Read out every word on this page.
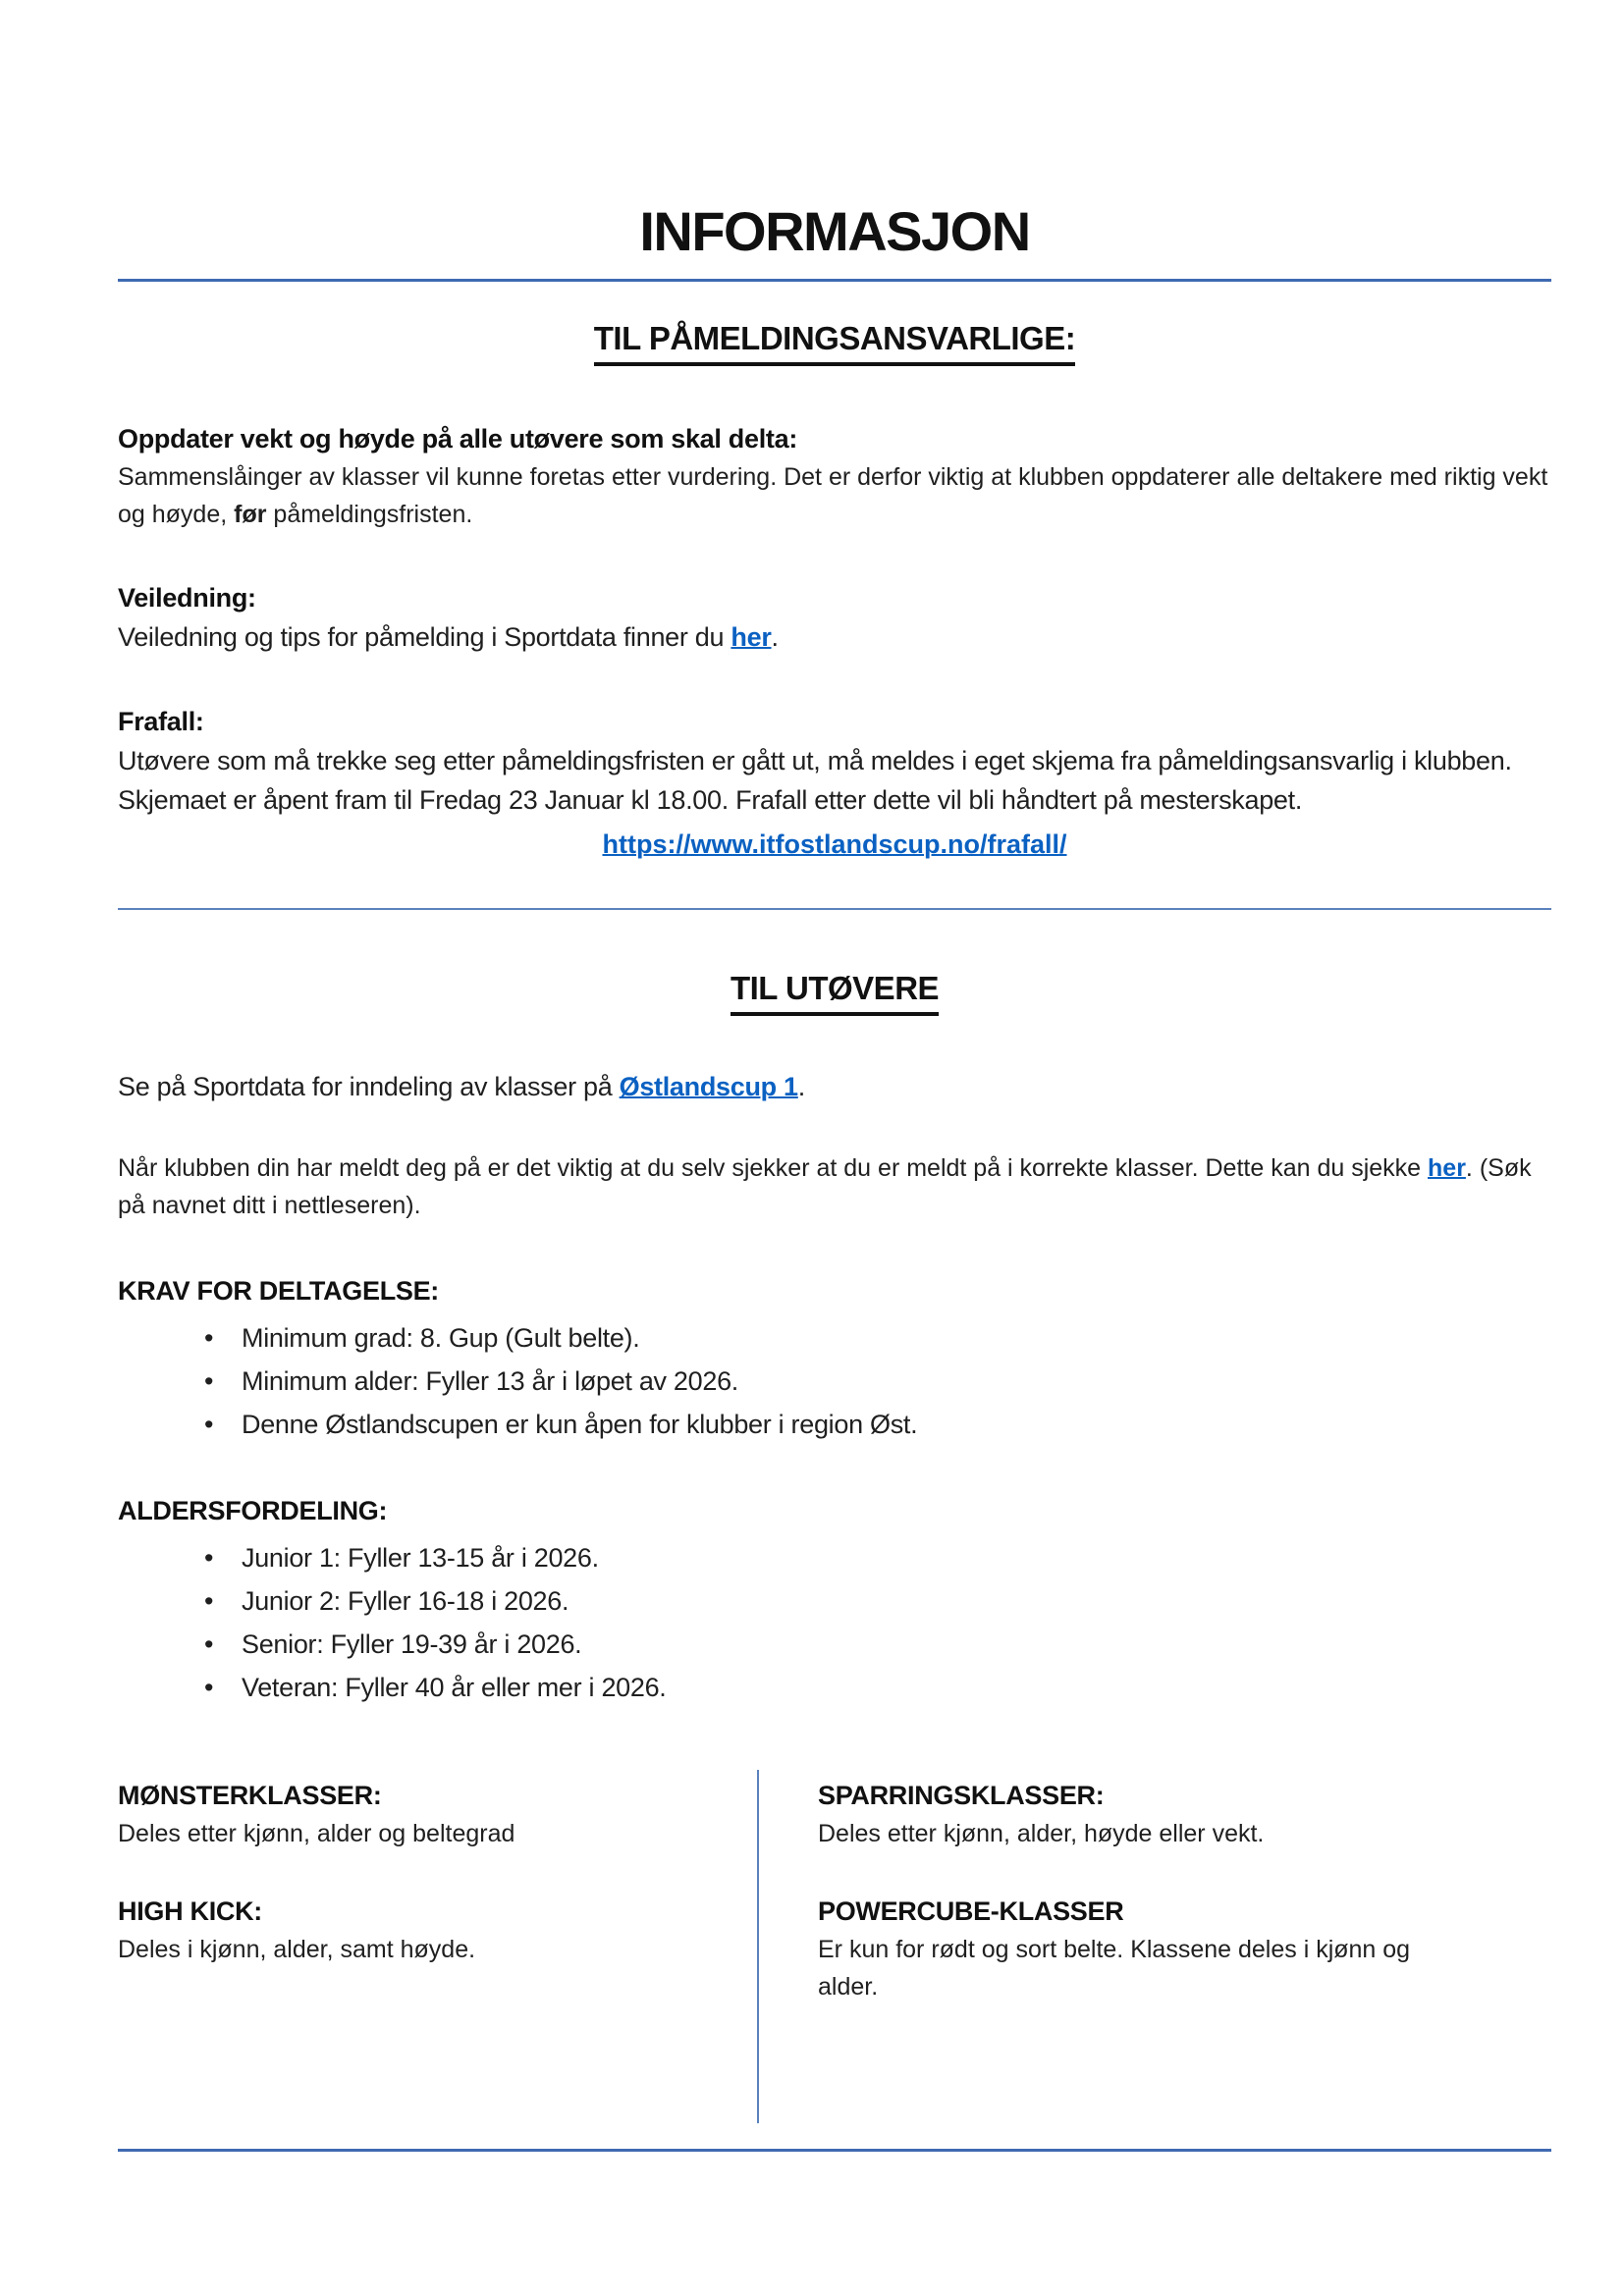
INFORMASJON
TIL PÅMELDINGSANSVARLIGE:
Oppdater vekt og høyde på alle utøvere som skal delta:
Sammenslåinger av klasser vil kunne foretas etter vurdering. Det er derfor viktig at klubben oppdaterer alle deltakere med riktig vekt og høyde, før påmeldingsfristen.
Veiledning:
Veiledning og tips for påmelding i Sportdata finner du her.
Frafall:
Utøvere som må trekke seg etter påmeldingsfristen er gått ut, må meldes i eget skjema fra påmeldingsansvarlig i klubben. Skjemaet er åpent fram til Fredag 23 Januar kl 18.00. Frafall etter dette vil bli håndtert på mesterskapet.
https://www.itfostlandscup.no/frafall/
TIL UTØVERE
Se på Sportdata for inndeling av klasser på Østlandscup 1.
Når klubben din har meldt deg på er det viktig at du selv sjekker at du er meldt på i korrekte klasser. Dette kan du sjekke her. (Søk på navnet ditt i nettleseren).
KRAV FOR DELTAGELSE:
• Minimum grad: 8. Gup (Gult belte).
• Minimum alder: Fyller 13 år i løpet av 2026.
• Denne Østlandscupen er kun åpen for klubber i region Øst.
ALDERSFORDELING:
• Junior 1: Fyller 13-15 år i 2026.
• Junior 2: Fyller 16-18 i 2026.
• Senior: Fyller 19-39 år i 2026.
• Veteran: Fyller 40 år eller mer i 2026.
MØNSTERKLASSER:
Deles etter kjønn, alder og beltegrad
HIGH KICK:
Deles i kjønn, alder, samt høyde.
SPARRINGSKLASSER:
Deles etter kjønn, alder, høyde eller vekt.
POWERCUBE-KLASSER
Er kun for rødt og sort belte. Klassene deles i kjønn og alder.
